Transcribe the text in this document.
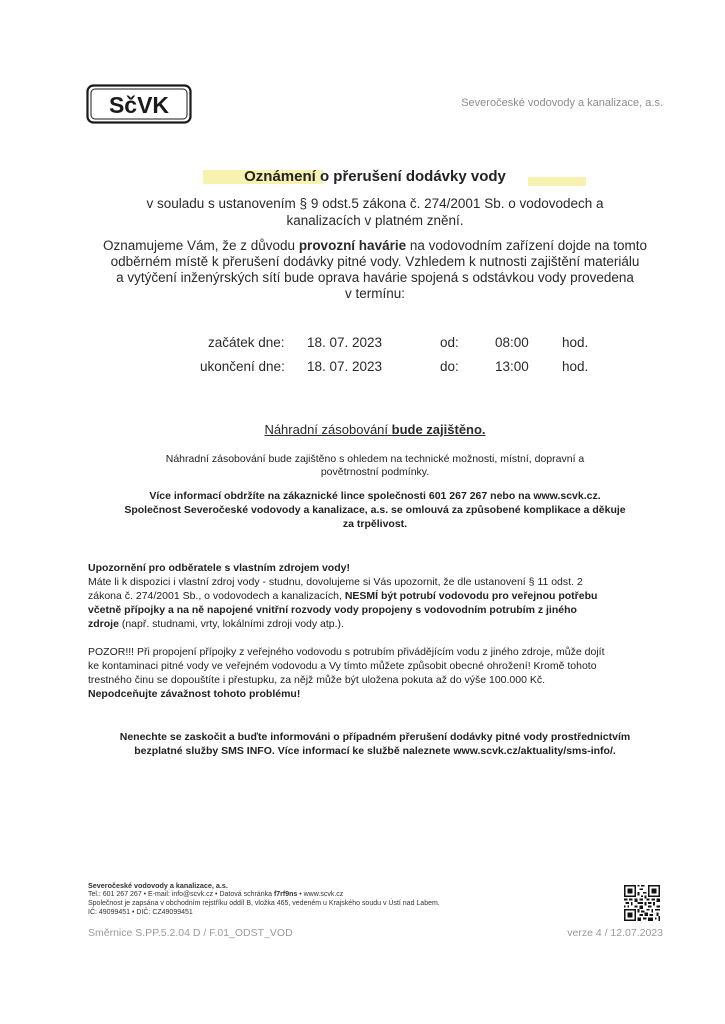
SčVK	Severočeské vodovody a kanalizace, a.s.
Oznámení o přerušení dodávky vody
v souladu s ustanovením § 9 odst.5 zákona č. 274/2001 Sb. o vodovodech a
kanalizacích v platném znění.
Oznamujeme Vám, že z důvodu provozní havárie na vodovodním zařízení dojde na tomto
odběrném místě k přerušení dodávky pitné vody. Vzhledem k nutnosti zajištění materiálu
a vytýčení inženýrských sítí bude oprava havárie spojená s odstávkou vody provedena
v termínu:
začátek dne: 18. 07. 2023	od:	08:00 hod.
ukončení dne: 18. 07. 2023	do:	13:00 hod.
Náhradní zásobování bude zajištěno.
Náhradní zásobování bude zajištěno s ohledem na technické možnosti, místní, dopravní a
povětrnostní podmínky.
Více informací obdržíte na zákaznické lince společnosti 601 267 267 nebo na www.scvk.cz.
Společnost Severočeské vodovody a kanalizace, a.s. se omlouvá za způsobené komplikace a děkuje
za trpělivost.
Upozornění pro odběratele s vlastním zdrojem vody!
Máte li k dispozici i vlastní zdroj vody - studnu, dovolujeme si Vás upozornit, že dle ustanovení § 11 odst. 2
zákona č. 274/2001 Sb., o vodovodech a kanalizacích, NESMÍ být potrubí vodovodu pro veřejnou potřebu
včetně přípojky a na ně napojené vnitřní rozvody vody propojeny s vodovodním potrubím z jiného
zdroje (např. studnami, vrty, lokálními zdroji vody atp.).
POZOR!!! Při propojení přípojky z veřejného vodovodu s potrubím přivádějícím vodu z jiného zdroje, může dojít
ke kontaminaci pitné vody ve veřejném vodovodu a Vy tímto můžete způsobit obecné ohrožení! Kromě tohoto
trestného činu se dopouštíte i přestupku, za nějž může být uložena pokuta až do výše 100.000 Kč.
Nepodceňujte závažnost tohoto problému!
Nenechte se zaskočit a buďte informováni o případném přerušení dodávky pitné vody prostřednictvím
bezplatné služby SMS INFO. Více informací ke službě naleznete www.scvk.cz/aktuality/sms-info/.
Severočeské vodovody a kanalizace, a.s.
Tel.: 601 267 267 • E-mail: info@scvk.cz • Datová schránka f7rf9ns • www.scvk.cz
Společnost je zapsána v obchodním rejstříku oddíl B, vložka 465, vedeném u Krajského soudu v Ústí nad Labem.
IČ: 49099451 • DIČ: CZ49099451
Směrnice S.PP.5.2.04 D / F.01_ODST_VOD	verze 4 / 12.07.2023
